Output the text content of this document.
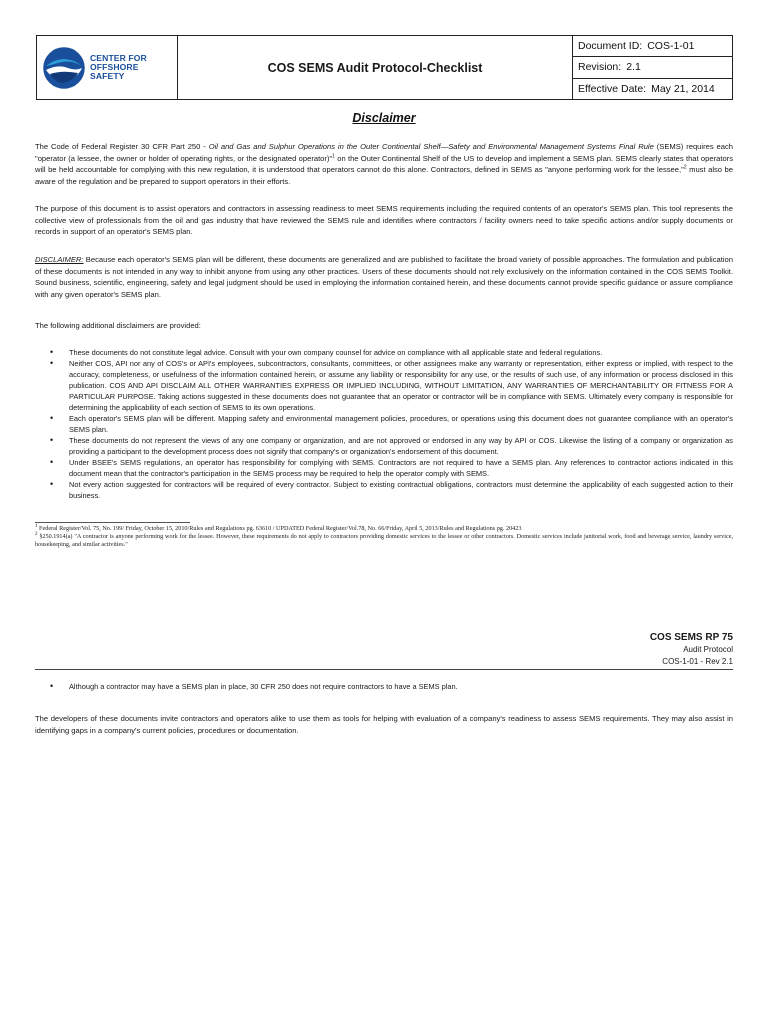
CENTER FOR
OFFSHORE
SAFETY
COS SEMS Audit Protocol-Checklist
Document ID: COS-1-01
Revision: 2.1
Effective Date: May 21, 2014
Disclaimer

The Code of Federal Register 30 CFR Part 250 - Oil and Gas and Sulphur Operations in the Outer Continental Shelf—Safety and Environmental Management Systems Final Rule (SEMS) requires each "operator (a lessee, the owner or holder of operating rights, or the designated operator)"$^1$ on the Outer Continental Shelf of the US to develop and implement a SEMS plan. SEMS clearly states that operators will be held accountable for complying with this new regulation, it is understood that operators cannot do this alone. Contractors, defined in SEMS as "anyone performing work for the lessee,"$^2$ must also be aware of the regulation and be prepared to support operators in their efforts.

The purpose of this document is to assist operators and contractors in assessing readiness to meet SEMS requirements including the required contents of an operator's SEMS plan. This tool represents the collective view of professionals from the oil and gas industry that have reviewed the SEMS rule and identifies where contractors / facility owners need to take specific actions and/or supply documents or records in support of an operator's SEMS plan.

DISCLAIMER: Because each operator's SEMS plan will be different, these documents are generalized and are published to facilitate the broad variety of possible approaches. The formulation and publication of these documents is not intended in any way to inhibit anyone from using any other practices. Users of these documents should not rely exclusively on the information contained in the COS SEMS Toolkit. Sound business, scientific, engineering, safety and legal judgment should be used in employing the information contained herein, and these documents cannot provide specific guidance or assure compliance with any given operator's SEMS plan.

The following additional disclaimers are provided:

• These documents do not constitute legal advice. Consult with your own company counsel for advice on compliance with all applicable state and federal regulations.
• Neither COS, API nor any of COS's or API's employees, subcontractors, consultants, committees, or other assignees make any warranty or representation, either express or implied, with respect to the accuracy, completeness, or usefulness of the information contained herein, or assume any liability or responsibility for any use, or the results of such use, of any information or process disclosed in this publication. COS AND API DISCLAIM ALL OTHER WARRANTIES EXPRESS OR IMPLIED INCLUDING, WITHOUT LIMITATION, ANY WARRANTIES OF MERCHANTABILITY OR FITNESS FOR A PARTICULAR PURPOSE. Taking actions suggested in these documents does not guarantee that an operator or contractor will be in compliance with SEMS. Ultimately every company is responsible for determining the applicability of each section of SEMS to its own operations.
• Each operator's SEMS plan will be different. Mapping safety and environmental management policies, procedures, or operations using this document does not guarantee compliance with an operator's SEMS plan.
• These documents do not represent the views of any one company or organization, and are not approved or endorsed in any way by API or COS. Likewise the listing of a company or organization as providing a participant to the development process does not signify that company's or organization's endorsement of this document.
• Under BSEE's SEMS regulations, an operator has responsibility for complying with SEMS. Contractors are not required to have a SEMS plan. Any references to contractor actions indicated in this document mean that the contractor's participation in the SEMS process may be required to help the operator comply with SEMS.
• Not every action suggested for contractors will be required of every contractor. Subject to existing contractual obligations, contractors must determine the applicability of each suggested action to their business.

$^1$ Federal Register/Vol. 75, No. 199/ Friday, October 15, 2010/Rules and Regulations pg. 63610 / UPDATED Federal Register/Vol.78, No. 66/Friday, April 5, 2013/Rules and Regulations pg. 20423

$^2$ §250.1914(a) "A contractor is anyone performing work for the lessee. However, these requirements do not apply to contractors providing domestic services to the lessee or other contractors. Domestic services include janitorial work, food and beverage service, laundry service, housekeeping, and similar activities."

COS SEMS RP 75
Audit Protocol
COS-1-01 - Rev 2.1
• Although a contractor may have a SEMS plan in place, 30 CFR 250 does not require contractors to have a SEMS plan.

The developers of these documents invite contractors and operators alike to use them as tools for helping with evaluation of a company's readiness to assess SEMS requirements. They may also assist in identifying gaps in a company's current policies, procedures or documentation.
